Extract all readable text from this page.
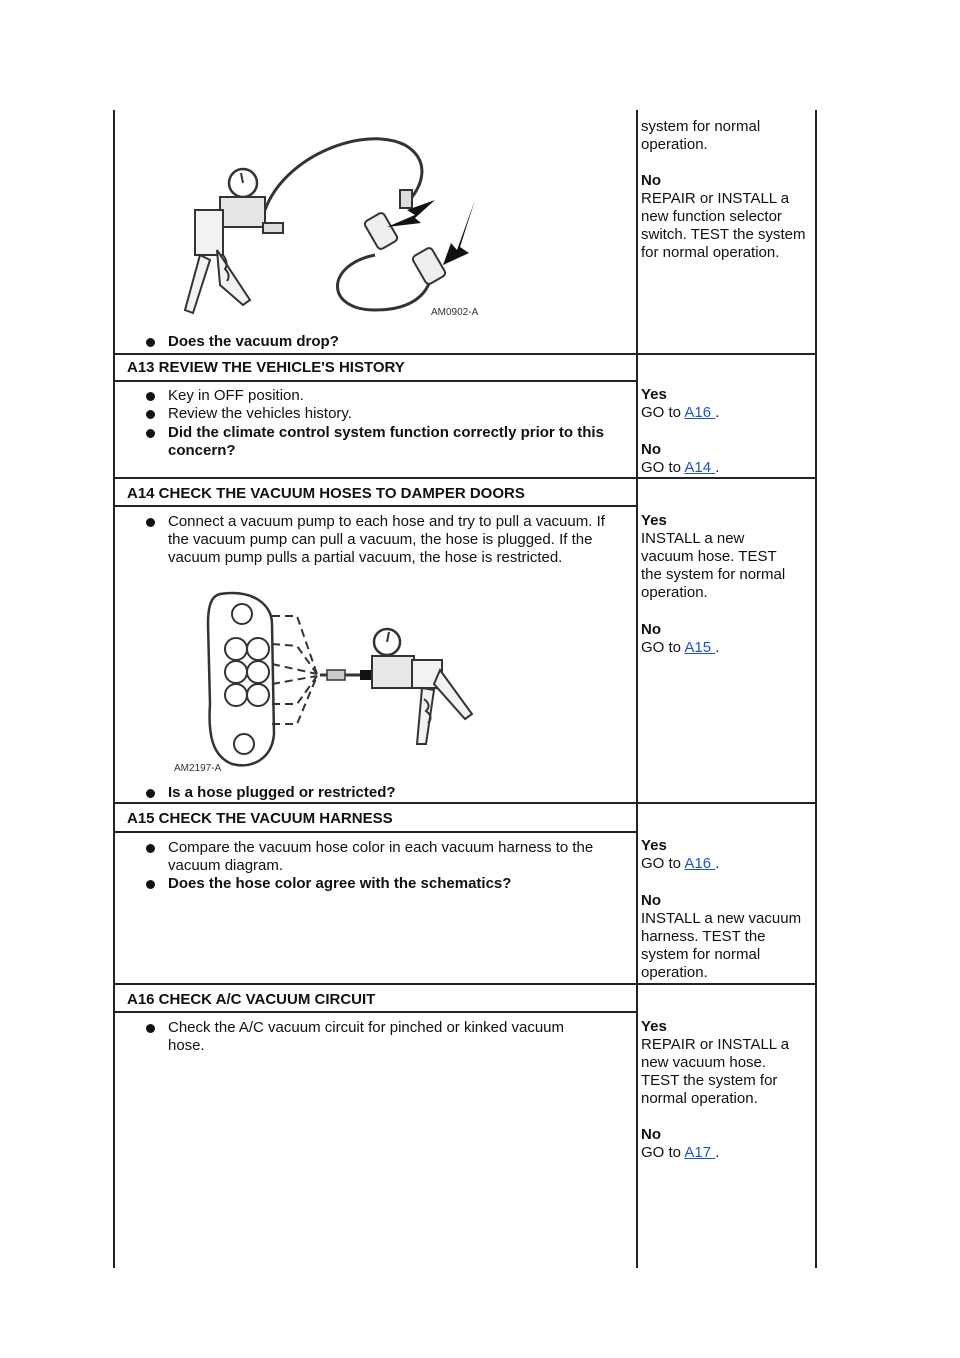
AM0902-A
Does the vacuum drop?
system for normal operation.
No
REPAIR or INSTALL a new function selector switch. TEST the system for normal operation.
A13 REVIEW THE VEHICLE'S HISTORY
Key in OFF position.
Review the vehicles history.
Did the climate control system function correctly prior to this concern?
Yes
GO to A16 .
No
GO to A14 .
A14 CHECK THE VACUUM HOSES TO DAMPER DOORS
Connect a vacuum pump to each hose and try to pull a vacuum. If the vacuum pump can pull a vacuum, the hose is plugged. If the vacuum pump pulls a partial vacuum, the hose is restricted.
AM2197-A
Is a hose plugged or restricted?
Yes
INSTALL a new vacuum hose. TEST the system for normal operation.
No
GO to A15 .
A15 CHECK THE VACUUM HARNESS
Compare the vacuum hose color in each vacuum harness to the vacuum diagram.
Does the hose color agree with the schematics?
Yes
GO to A16 .
No
INSTALL a new vacuum harness. TEST the system for normal operation.
A16 CHECK A/C VACUUM CIRCUIT
Check the A/C vacuum circuit for pinched or kinked vacuum hose.
Yes
REPAIR or INSTALL a new vacuum hose. TEST the system for normal operation.
No
GO to A17 .
